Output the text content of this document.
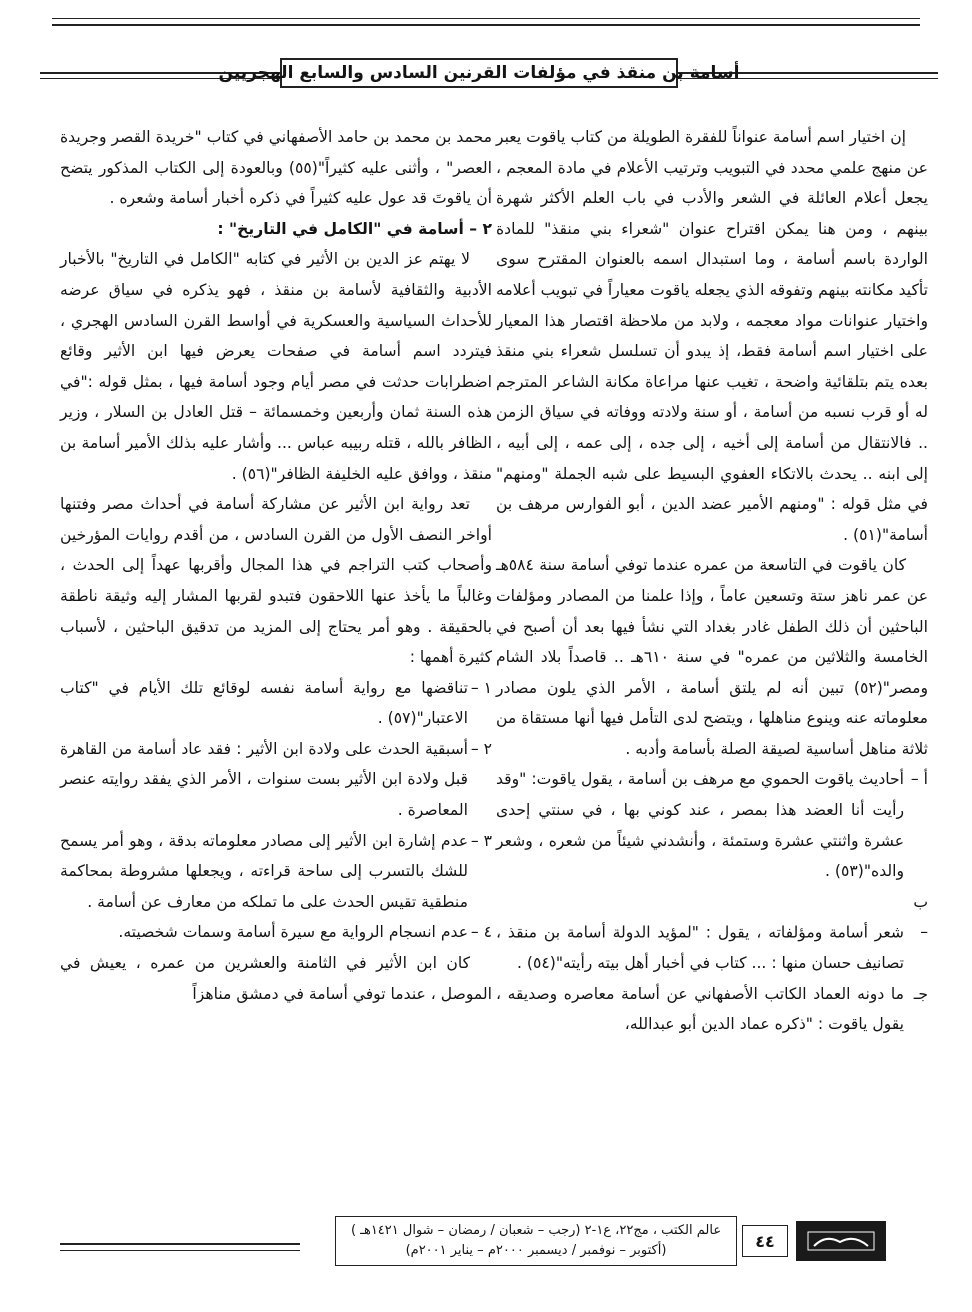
أسامة بن منقذ في مؤلفات القرنين السادس والسابع الهجريين

إن اختيار اسم أسامة عنواناً للفقرة الطويلة من كتاب ياقوت يعبر عن منهج علمي محدد في التبويب وترتيب الأعلام في مادة المعجم ، يجعل أعلام العائلة في الشعر والأدب في باب العلم الأكثر شهرة بينهم ، ومن هنا يمكن اقتراح عنوان "شعراء بني منقذ" للمادة الواردة باسم أسامة ، وما استبدال اسمه بالعنوان المقترح سوى تأكيد مكانته بينهم وتفوقه الذي يجعله ياقوت معياراً في تبويب أعلامه واختيار عنوانات مواد معجمه ، ولابد من ملاحظة اقتصار هذا المعيار على اختيار اسم أسامة فقط، إذ يبدو أن تسلسل شعراء بني منقذ بعده يتم بتلقائية واضحة ، تغيب عنها مراعاة مكانة الشاعر المترجم له أو قرب نسبه من أسامة ، أو سنة ولادته ووفاته في سياق الزمن .. فالانتقال من أسامة إلى أخيه ، إلى جده ، إلى عمه ، إلى أبيه ، إلى ابنه .. يحدث بالاتكاء العفوي البسيط على شبه الجملة "ومنهم" في مثل قوله : "ومنهم الأمير عضد الدين ، أبو الفوارس مرهف بن أسامة"(٥١) .

كان ياقوت في التاسعة من عمره عندما توفي أسامة سنة ٥٨٤هـ عن عمر ناهز ستة وتسعين عاماً ، وإذا علمنا من المصادر ومؤلفات الباحثين أن ذلك الطفل غادر بغداد التي نشأ فيها بعد أن أصبح في الخامسة والثلاثين من عمره" في سنة ٦١٠هـ .. قاصداً بلاد الشام ومصر"(٥٢) تبين أنه لم يلتق أسامة ، الأمر الذي يلون مصادر معلوماته عنه وينوع مناهلها ، ويتضح لدى التأمل فيها أنها مستقاة من ثلاثة مناهل أساسية لصيقة الصلة بأسامة وأدبه .

أ –أحاديث ياقوت الحموي مع مرهف بن أسامة ، يقول ياقوت: "وقد رأيت أنا العضد هذا بمصر ، عند كوني بها ، في سنتي إحدى عشرة واثنتي عشرة وستمئة ، وأنشدني شيئاً من شعره ، وشعر والده"(٥٣) .

ب –شعر أسامة ومؤلفاته ، يقول : "لمؤيد الدولة أسامة بن منقذ ، تصانيف حسان منها : ... كتاب في أخبار أهل بيته رأيته"(٥٤) .

جـما دونه العماد الكاتب الأصفهاني عن أسامة معاصره وصديقه ، يقول ياقوت : "ذكره عماد الدين أبو عبدالله،

محمد بن محمد بن حامد الأصفهاني في كتاب "خريدة القصر وجريدة العصر" ، وأثنى عليه كثيراً"(٥٥) وبالعودة إلى الكتاب المذكور يتضح أن ياقوتَ قد عول عليه كثيراً في ذكره أخبار أسامة وشعره .

٢ – أسامة في "الكامل في التاريخ" :

لا يهتم عز الدين بن الأثير في كتابه "الكامل في التاريخ" بالأخبار الأدبية والثقافية لأسامة بن منقذ ، فهو يذكره في سياق عرضه للأحداث السياسية والعسكرية في أواسط القرن السادس الهجري ، فيتردد اسم أسامة في صفحات يعرض فيها ابن الأثير وقائع اضطرابات حدثت في مصر أيام وجود أسامة فيها ، بمثل قوله :"في هذه السنة ثمان وأربعين وخمسمائة – قتل العادل بن السلار ، وزير الظافر بالله ، قتله ربيبه عباس ... وأشار عليه بذلك الأمير أسامة بن منقذ ، ووافق عليه الخليفة الظافر"(٥٦) .

تعد رواية ابن الأثير عن مشاركة أسامة في أحداث مصر وفتنها أواخر النصف الأول من القرن السادس ، من أقدم روايات المؤرخين وأصحاب كتب التراجم في هذا المجال وأقربها عهداً إلى الحدث ، وغالباً ما يأخذ عنها اللاحقون فتبدو لقربها المشار إليه وثيقة ناطقة بالحقيقة . وهو أمر يحتاج إلى المزيد من تدقيق الباحثين ، لأسباب كثيرة أهمها :

١ –تناقضها مع رواية أسامة نفسه لوقائع تلك الأيام في "كتاب الاعتبار"(٥٧) .

٢ –أسبقية الحدث على ولادة ابن الأثير : فقد عاد أسامة من القاهرة قبل ولادة ابن الأثير بست سنوات ، الأمر الذي يفقد روايته عنصر المعاصرة .

٣ –عدم إشارة ابن الأثير إلى مصادر معلوماته بدقة ، وهو أمر يسمح للشك بالتسرب إلى ساحة قراءته ، ويجعلها مشروطة بمحاكمة منطقية تقيس الحدث على ما تملكه من معارف عن أسامة .

٤ –عدم انسجام الرواية مع سيرة أسامة وسمات شخصيته.

كان ابن الأثير في الثامنة والعشرين من عمره ، يعيش في الموصل ، عندما توفي أسامة في دمشق مناهزاً

عالم الكتب ، مج٢٢، ع١-٢ (رجب – شعبان / رمضان – شوال ١٤٢١هـ )
(أكتوبر – نوفمبر / ديسمبر ٢٠٠٠م – يناير ٢٠٠١م)	٤٤
